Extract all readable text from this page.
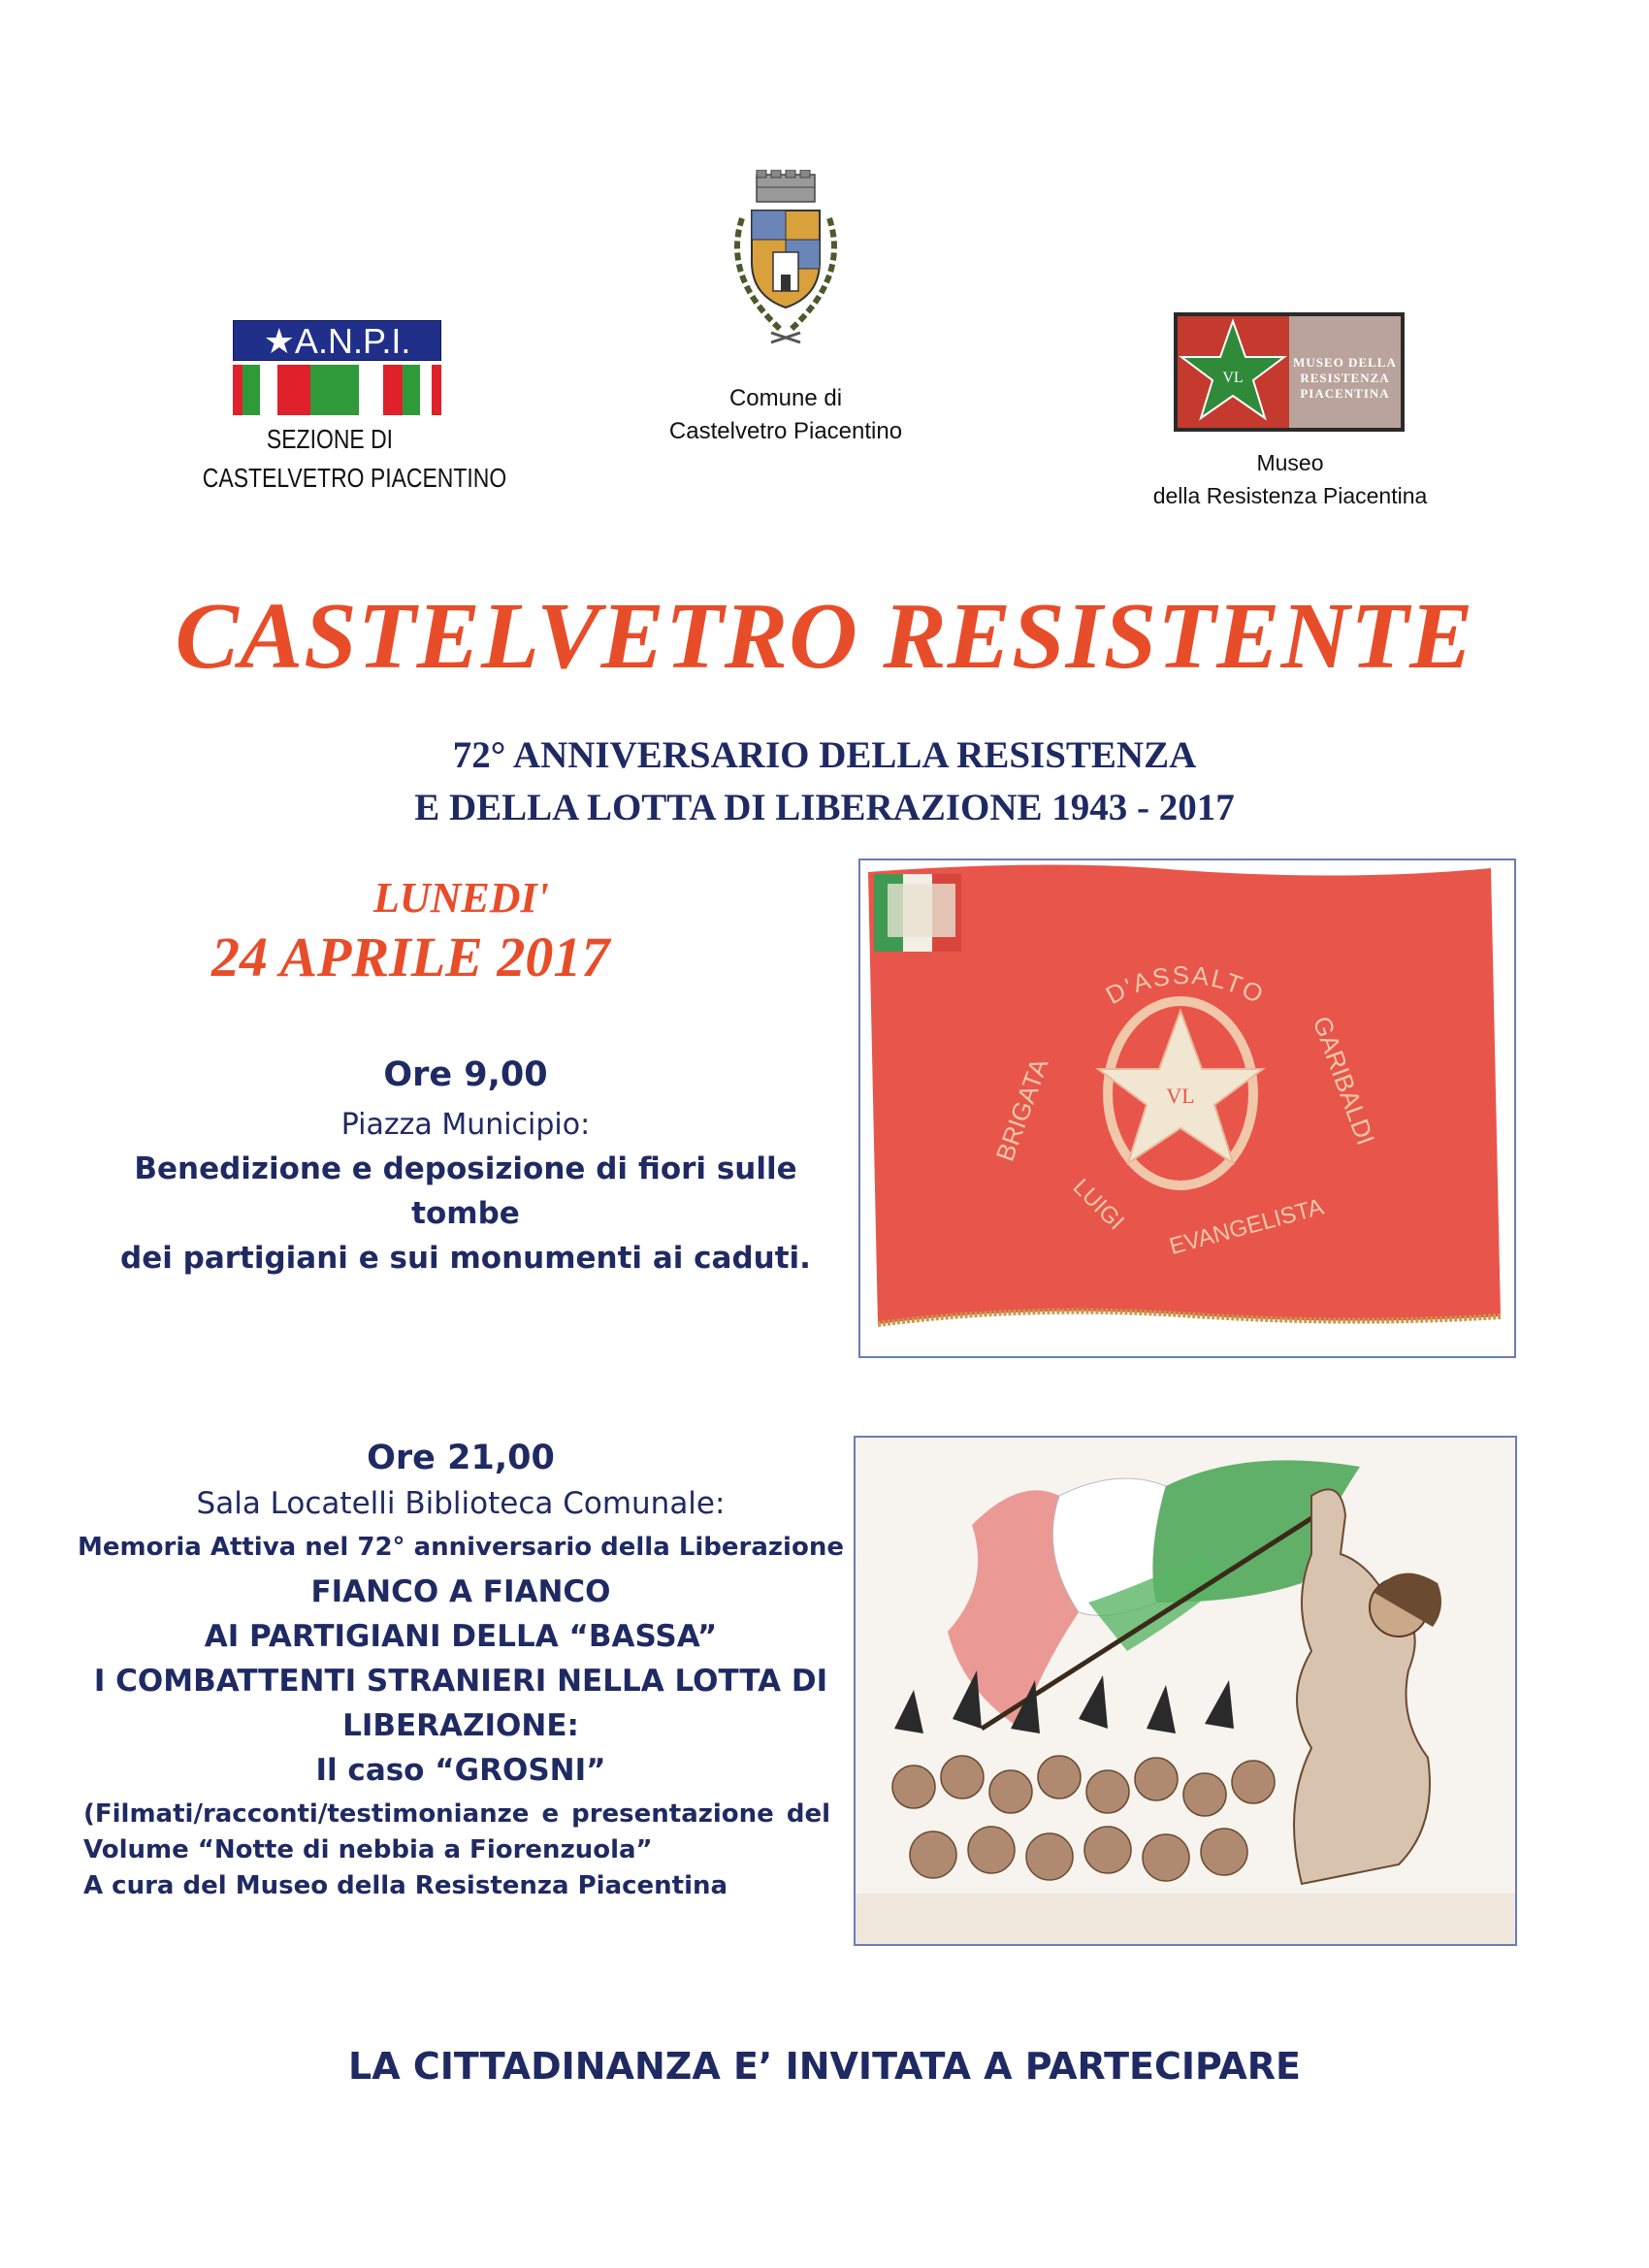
★A.N.P.I.
SEZIONE DI
CASTELVETRO PIACENTINO
Comune di
Castelvetro Piacentino
VL
MUSEO DELLA
RESISTENZA
PIACENTINA
Museo
della Resistenza Piacentina
CASTELVETRO RESISTENTE
72° ANNIVERSARIO DELLA RESISTENZA
E DELLA LOTTA DI LIBERAZIONE 1943 - 2017
LUNEDI'
24 APRILE 2017
Ore 9,00
Piazza Municipio:
Benedizione e deposizione di fiori sulle tombe
dei partigiani e sui monumenti ai caduti.
VL
D'ASSALTO
BRIGATA	GARIBALDI
LUIGI EVANGELISTA
Ore 21,00
Sala Locatelli Biblioteca Comunale:
Memoria Attiva nel 72° anniversario della Liberazione
FIANCO A FIANCO
AI PARTIGIANI DELLA “BASSA”
I COMBATTENTI STRANIERI NELLA LOTTA DI
LIBERAZIONE:
Il caso “GROSNI”
(Filmati/racconti/testimonianze e presentazione del
Volume “Notte di nebbia a Fiorenzuola”
A cura del Museo della Resistenza Piacentina
LA CITTADINANZA E’ INVITATA A PARTECIPARE
